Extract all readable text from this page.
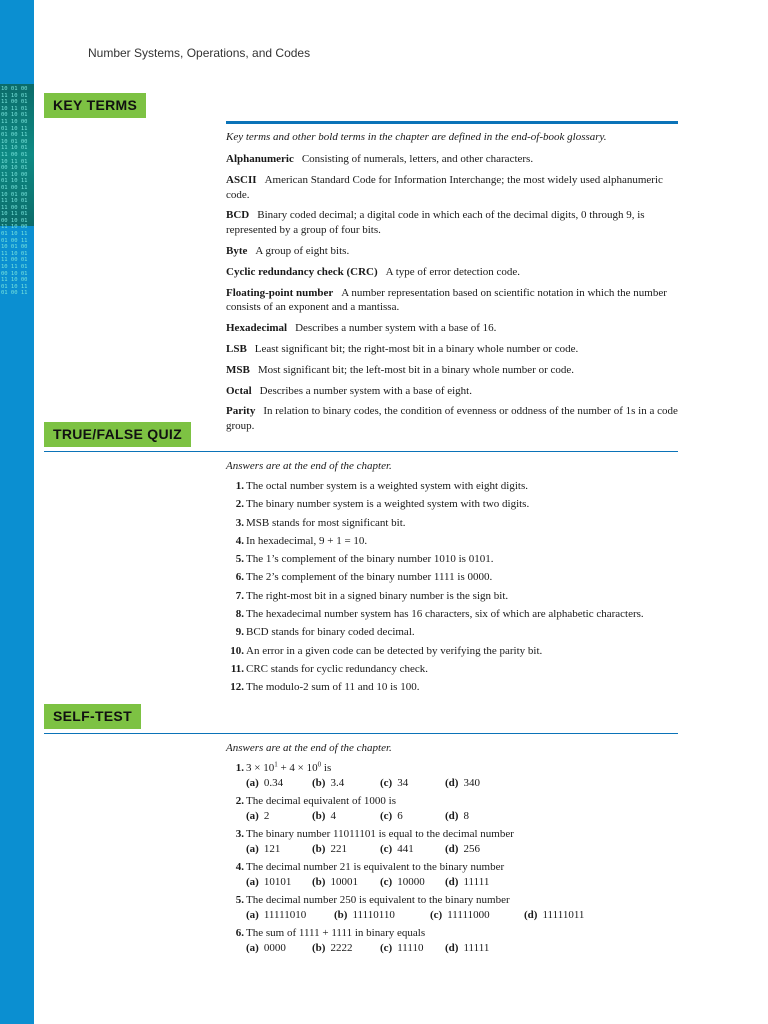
10 01 00 11 10 01 11 00 01 10 11 01 00 10 01 11 10 00 01 10 11 01 00 11 10 01 00 11 10 01 11 00 01 10 11 01 00 10 01 11 10 00 01 10 11 01 00 11 10 01 00 11 10 01 11 00 01 10 11 01 00 10 01 11 10 00 01 10 11 01 00 11 10 01 00 11 10 01 11 00 01 10 11 01 00 10 01 11 10 00 01 10 11 01 00 11

Number Systems, Operations, and Codes

KEY TERMS

Key terms and other bold terms in the chapter are defined in the end-of-book glossary.

Alphanumeric Consisting of numerals, letters, and other characters.

ASCII American Standard Code for Information Interchange; the most widely used alphanumeric code.

BCD Binary coded decimal; a digital code in which each of the decimal digits, 0 through 9, is represented by a group of four bits.

Byte A group of eight bits.

Cyclic redundancy check (CRC) A type of error detection code.

Floating-point number A number representation based on scientific notation in which the number consists of an exponent and a mantissa.

Hexadecimal Describes a number system with a base of 16.

LSB Least significant bit; the right-most bit in a binary whole number or code.

MSB Most significant bit; the left-most bit in a binary whole number or code.

Octal Describes a number system with a base of eight.

Parity In relation to binary codes, the condition of evenness or oddness of the number of 1s in a code group.

TRUE/FALSE QUIZ

Answers are at the end of the chapter.

1. The octal number system is a weighted system with eight digits.
2. The binary number system is a weighted system with two digits.
3. MSB stands for most significant bit.
4. In hexadecimal, 9 + 1 = 10.
5. The 1’s complement of the binary number 1010 is 0101.
6. The 2’s complement of the binary number 1111 is 0000.
7. The right-most bit in a signed binary number is the sign bit.
8. The hexadecimal number system has 16 characters, six of which are alphabetic characters.
9. BCD stands for binary coded decimal.
10. An error in a given code can be detected by verifying the parity bit.
11. CRC stands for cyclic redundancy check.
12. The modulo-2 sum of 11 and 10 is 100.
SELF-TEST

Answers are at the end of the chapter.

1. $3 \times 10^1 + 4 \times 10^0$ is
(a) 0.34	(b) 3.4	(c) 34	(d) 340
2. The decimal equivalent of 1000 is
(a) 2	(b) 4	(c) 6	(d) 8
3. The binary number 11011101 is equal to the decimal number
(a) 121	(b) 221	(c) 441	(d) 256
4. The decimal number 21 is equivalent to the binary number
(a) 10101 (b) 10001 (c) 10000 (d) 11111
5. The decimal number 250 is equivalent to the binary number
(a) 11111010	(b) 11110110	(c) 11111000	(d) 11111011
6. The sum of 1111 + 1111 in binary equals
(a) 0000 (b) 2222	(c) 11110 (d) 11111
